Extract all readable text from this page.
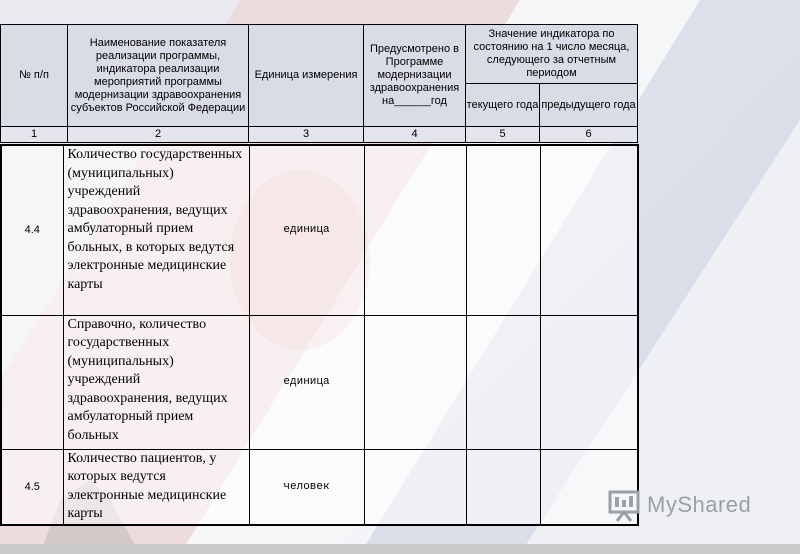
№ п/п	Наименование показателя реализации программы, индикатора реализации мероприятий программы модернизации здравоохранения субъектов Российской Федерации	Единица измерения	Предусмотрено в Программе модернизации здравоохранения на______год	Значение индикатора по состоянию на 1 число месяца, следующего за отчетным периодом	
				текущего года	предыдущего года
1	2	3	4	5	6
4.4	Количество государственных (муниципальных) учреждений здравоохранения, ведущих амбулаторный прием больных, в которых ведутся электронные медицинские карты	единица			
	Справочно, количество государственных (муниципальных) учреждений здравоохранения, ведущих амбулаторный прием больных	единица			
4.5	Количество пациентов, у которых ведутся электронные медицинские карты	человек			
MyShared
